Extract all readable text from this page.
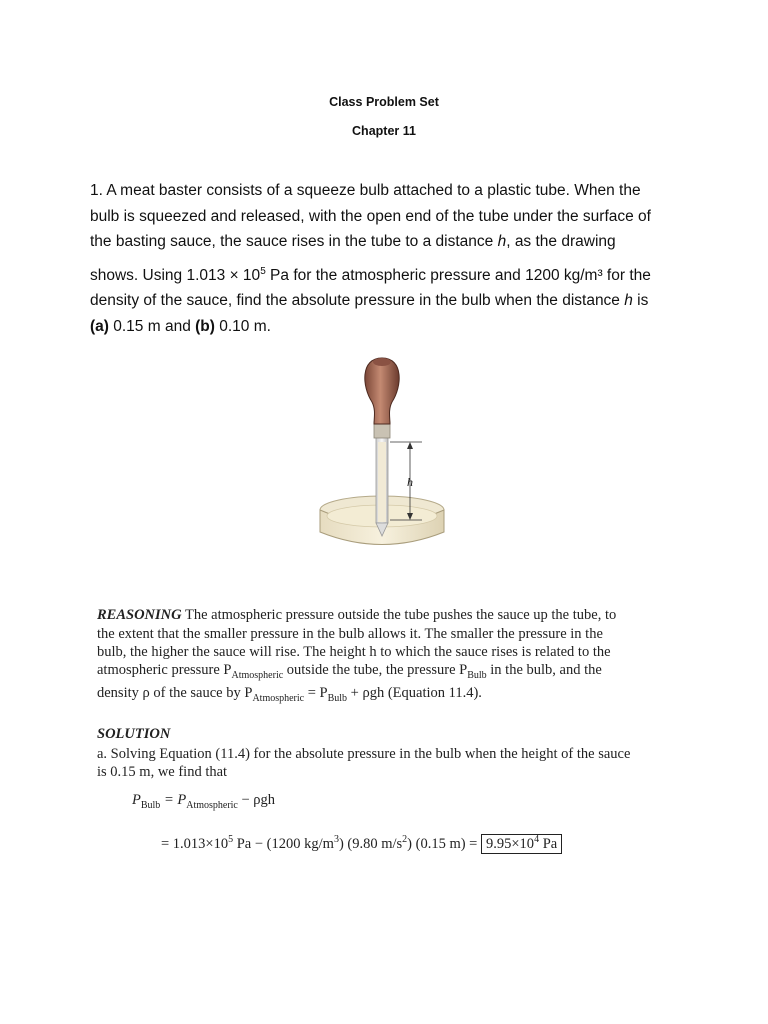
Class Problem Set
Chapter 11
1. A meat baster consists of a squeeze bulb attached to a plastic tube. When the
bulb is squeezed and released, with the open end of the tube under the surface of
the basting sauce, the sauce rises in the tube to a distance h, as the drawing
shows. Using $1.013 \times 10^5$ Pa for the atmospheric pressure and 1200 kg/m³ for the
density of the sauce, find the absolute pressure in the bulb when the distance h is
(a) 0.15 m and (b) 0.10 m.
h
REASONING The atmospheric pressure outside the tube pushes the sauce up the tube, to
the extent that the smaller pressure in the bulb allows it. The smaller the pressure in the
bulb, the higher the sauce will rise. The height h to which the sauce rises is related to the
atmospheric pressure $P_{Atmospheric}$ outside the tube, the pressure $P_{Bulb}$ in the bulb, and the
density ρ of the sauce by $P_{Atmospheric} = P_{Bulb} + \rho gh$ (Equation 11.4).
SOLUTION
a. Solving Equation (11.4) for the absolute pressure in the bulb when the height of the sauce
is 0.15 m, we find that
$P_{Bulb} = P_{Atmospheric} - \rho gh$
= $1.013\times 10^5$ Pa − (1200 $kg/m^3$) (9.80 $m/s^2$) (0.15 $m) = 9.95\times 10^4$ Pa
